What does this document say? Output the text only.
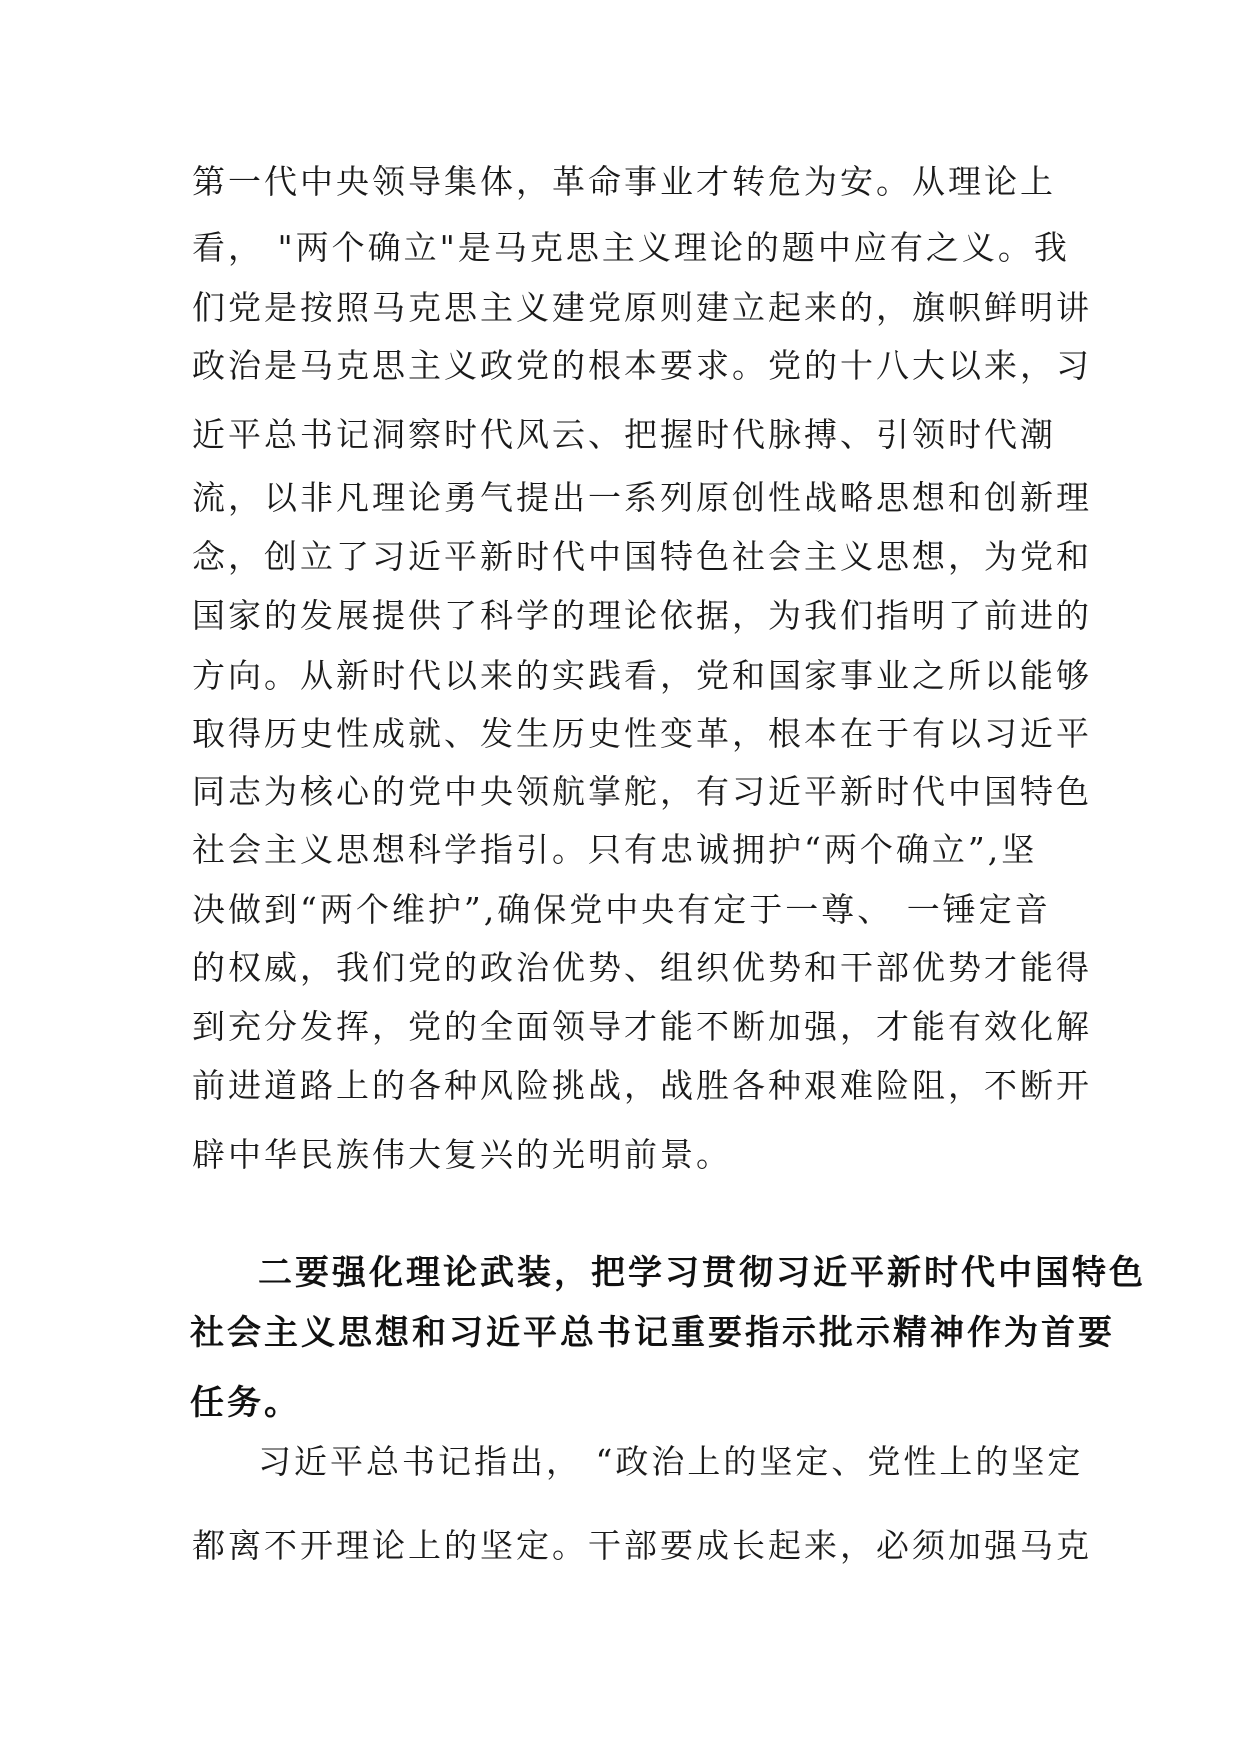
第一代中央领导集体，革命事业才转危为安。从理论上
看， "两个确立"是马克思主义理论的题中应有之义。我
们党是按照马克思主义建党原则建立起来的，旗帜鲜明讲
政治是马克思主义政党的根本要求。党的十八大以来，习
近平总书记洞察时代风云、把握时代脉搏、引领时代潮
流，以非凡理论勇气提出一系列原创性战略思想和创新理
念，创立了习近平新时代中国特色社会主义思想，为党和
国家的发展提供了科学的理论依据，为我们指明了前进的
方向。从新时代以来的实践看，党和国家事业之所以能够
取得历史性成就、发生历史性变革，根本在于有以习近平
同志为核心的党中央领航掌舵，有习近平新时代中国特色
社会主义思想科学指引。只有忠诚拥护“两个确立”,坚
决做到“两个维护”,确保党中央有定于一尊、 一锤定音
的权威，我们党的政治优势、组织优势和干部优势才能得
到充分发挥，党的全面领导才能不断加强，才能有效化解
前进道路上的各种风险挑战，战胜各种艰难险阻，不断开
辟中华民族伟大复兴的光明前景。
二要强化理论武装，把学习贯彻习近平新时代中国特色
社会主义思想和习近平总书记重要指示批示精神作为首要
任务。
习近平总书记指出， “政治上的坚定、党性上的坚定
都离不开理论上的坚定。干部要成长起来，必须加强马克
